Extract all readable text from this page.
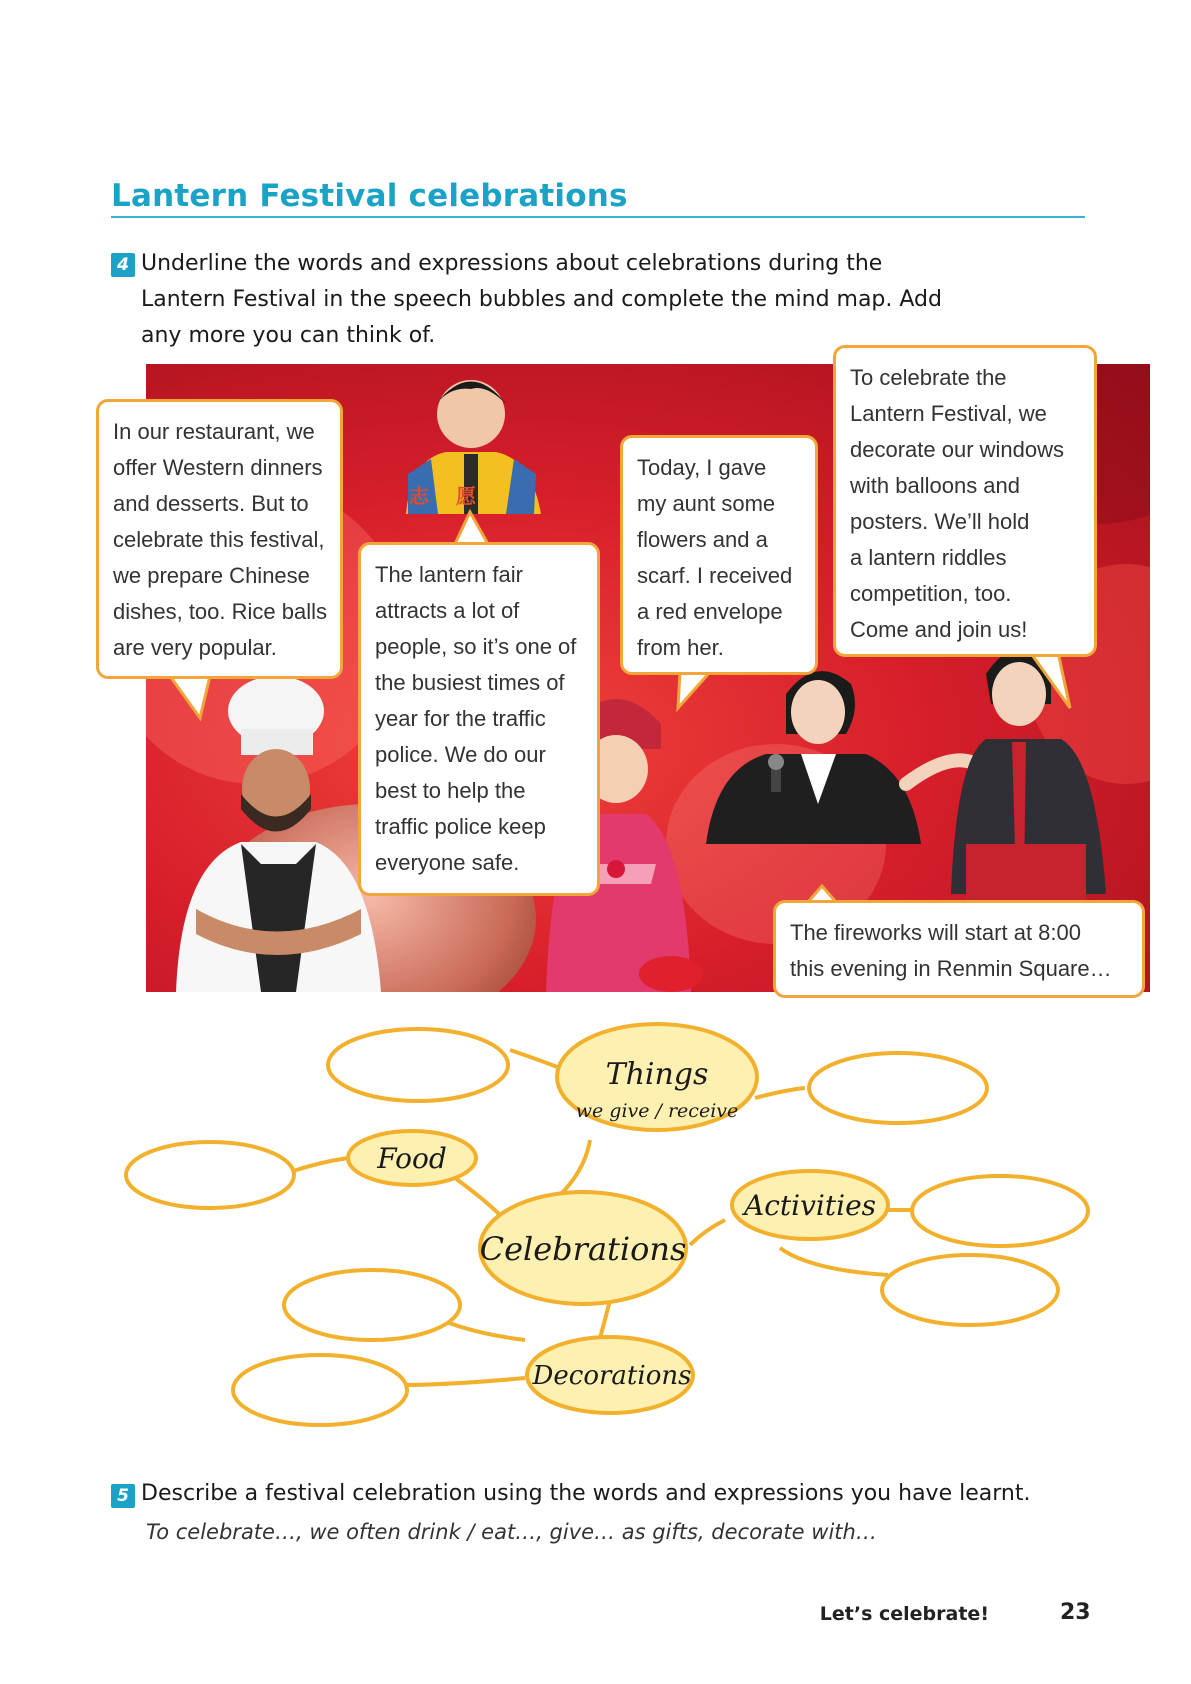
Lantern Festival celebrations
4 Underline the words and expressions about celebrations during the Lantern Festival in the speech bubbles and complete the mind map. Add any more you can think of.
志 愿
In our restaurant, we
offer Western dinners
and desserts. But to
celebrate this festival,
we prepare Chinese
dishes, too. Rice balls
are very popular.
The lantern fair
attracts a lot of
people, so it’s one of
the busiest times of
year for the traffic
police. We do our
best to help the
traffic police keep
everyone safe.
Today, I gave
my aunt some
flowers and a
scarf. I received
a red envelope
from her.
To celebrate the
Lantern Festival, we
decorate our windows
with balloons and
posters. We’ll hold
a lantern riddles
competition, too.
Come and join us!
The fireworks will start at 8:00
this evening in Renmin Square…
Things
we give / receive
Food
Activities
Celebrations
Decorations
5 Describe a festival celebration using the words and expressions you have learnt.
To celebrate…, we often drink / eat…, give… as gifts, decorate with…
Let’s celebrate!	23
